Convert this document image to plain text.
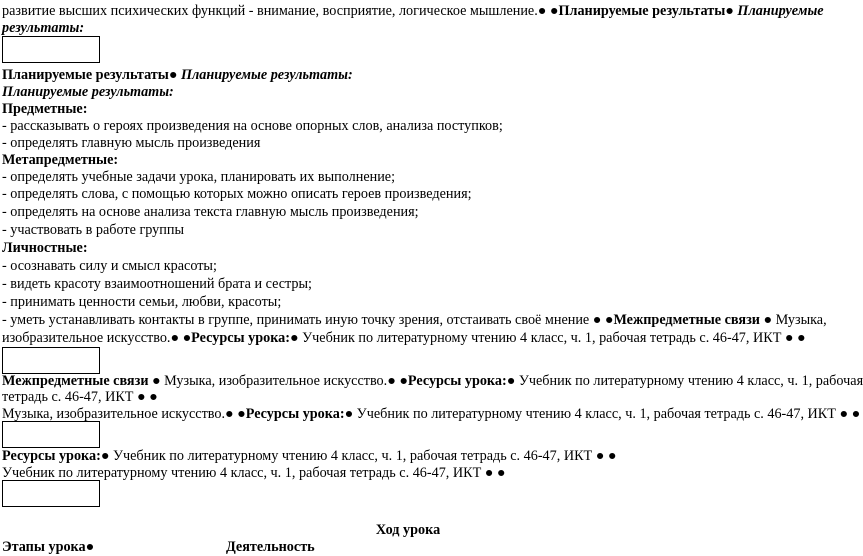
развитие высших психических функций - внимание, восприятие, логическое мышление.● ●Планируемые результаты● Планируемые
результаты:
Планируемые результаты● Планируемые результаты:
Планируемые результаты:
Предметные:
- рассказывать о героях произведения на основе опорных слов, анализа поступков;
- определять главную мысль произведения
Метапредметные:
- определять учебные задачи урока, планировать их выполнение;
- определять слова, с помощью которых можно описать героев произведения;
- определять на основе анализа текста главную мысль произведения;
- участвовать в работе группы
Личностные:
- осознавать силу и смысл красоты;
- видеть красоту взаимоотношений брата и сестры;
- принимать ценности семьи, любви, красоты;
- уметь устанавливать контакты в группе, принимать иную точку зрения, отстаивать своё мнение ● ●Межпредметные связи ● Музыка,
изобразительное искусство.● ●Ресурсы урока:● Учебник по литературному чтению 4 класс, ч. 1, рабочая тетрадь с. 46-47, ИКТ ● ●
Межпредметные связи ● Музыка, изобразительное искусство.● ●Ресурсы урока:● Учебник по литературному чтению 4 класс, ч. 1, рабочая
тетрадь с. 46-47, ИКТ ● ●
Музыка, изобразительное искусство.● ●Ресурсы урока:● Учебник по литературному чтению 4 класс, ч. 1, рабочая тетрадь с. 46-47, ИКТ ● ●
Ресурсы урока:● Учебник по литературному чтению 4 класс, ч. 1, рабочая тетрадь с. 46-47, ИКТ ● ●
Учебник по литературному чтению 4 класс, ч. 1, рабочая тетрадь с. 46-47, ИКТ ● ●
Ход урока
Этапы урока●	Деятельность
